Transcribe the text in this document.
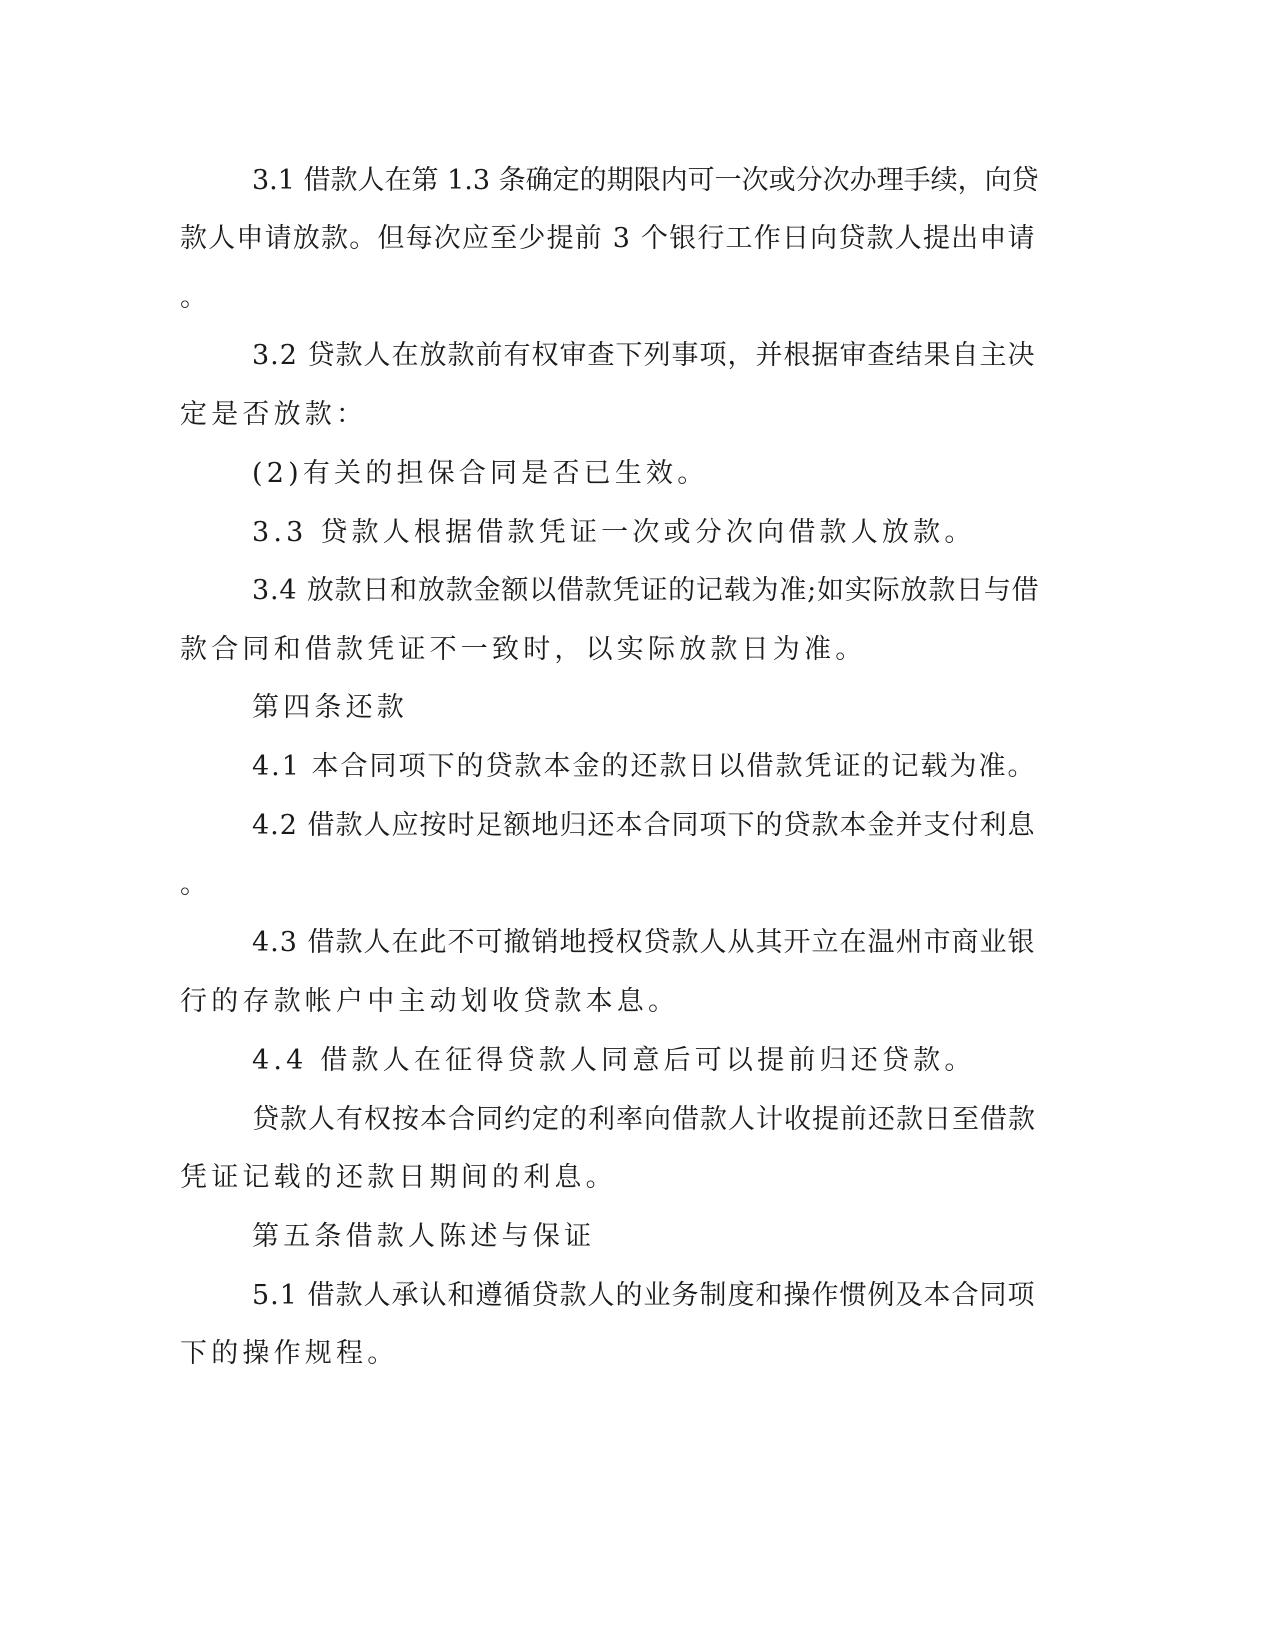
3.1 借款人在第 1.3 条确定的期限内可一次或分次办理手续，向贷
款人申请放款。但每次应至少提前 3 个银行工作日向贷款人提出申请
。
3.2 贷款人在放款前有权审查下列事项，并根据审查结果自主决
定是否放款：
(2)有关的担保合同是否已生效。
3.3 贷款人根据借款凭证一次或分次向借款人放款。
3.4 放款日和放款金额以借款凭证的记载为准;如实际放款日与借
款合同和借款凭证不一致时，以实际放款日为准。
第四条还款
4.1 本合同项下的贷款本金的还款日以借款凭证的记载为准。
4.2 借款人应按时足额地归还本合同项下的贷款本金并支付利息
。
4.3 借款人在此不可撤销地授权贷款人从其开立在温州市商业银
行的存款帐户中主动划收贷款本息。
4.4 借款人在征得贷款人同意后可以提前归还贷款。
贷款人有权按本合同约定的利率向借款人计收提前还款日至借款
凭证记载的还款日期间的利息。
第五条借款人陈述与保证
5.1 借款人承认和遵循贷款人的业务制度和操作惯例及本合同项
下的操作规程。
